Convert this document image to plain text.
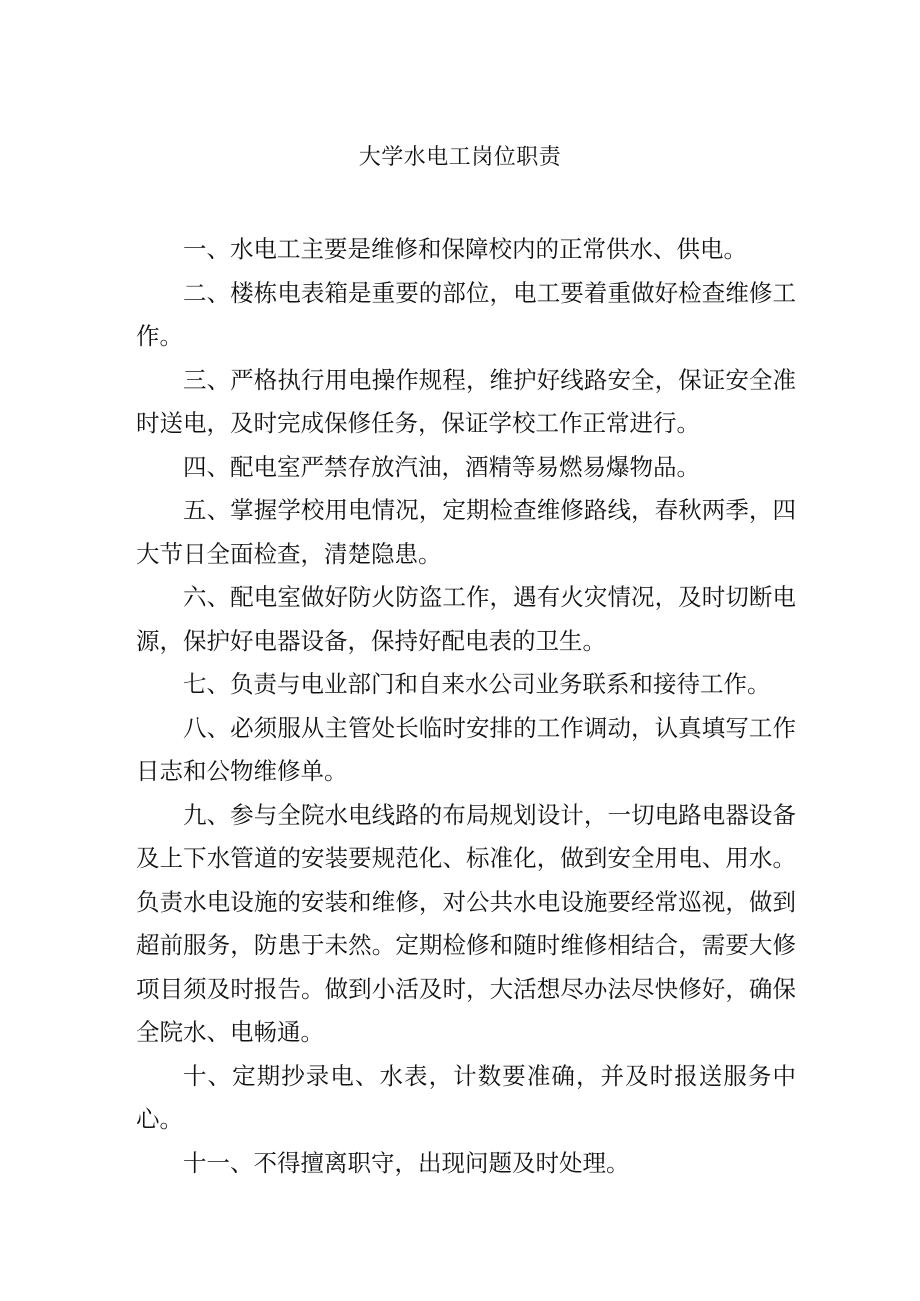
大学水电工岗位职责

一、水电工主要是维修和保障校内的正常供水、供电。

二、楼栋电表箱是重要的部位，电工要着重做好检查维修工作。

三、严格执行用电操作规程，维护好线路安全，保证安全准时送电，及时完成保修任务，保证学校工作正常进行。

四、配电室严禁存放汽油，酒精等易燃易爆物品。

五、掌握学校用电情况，定期检查维修路线，春秋两季，四大节日全面检查，清楚隐患。

六、配电室做好防火防盗工作，遇有火灾情况，及时切断电源，保护好电器设备，保持好配电表的卫生。

七、负责与电业部门和自来水公司业务联系和接待工作。

八、必须服从主管处长临时安排的工作调动，认真填写工作日志和公物维修单。

九、参与全院水电线路的布局规划设计，一切电路电器设备及上下水管道的安装要规范化、标准化，做到安全用电、用水。负责水电设施的安装和维修，对公共水电设施要经常巡视，做到超前服务，防患于未然。定期检修和随时维修相结合，需要大修项目须及时报告。做到小活及时，大活想尽办法尽快修好，确保全院水、电畅通。

十、定期抄录电、水表，计数要准确，并及时报送服务中心。

十一、不得擅离职守，出现问题及时处理。
